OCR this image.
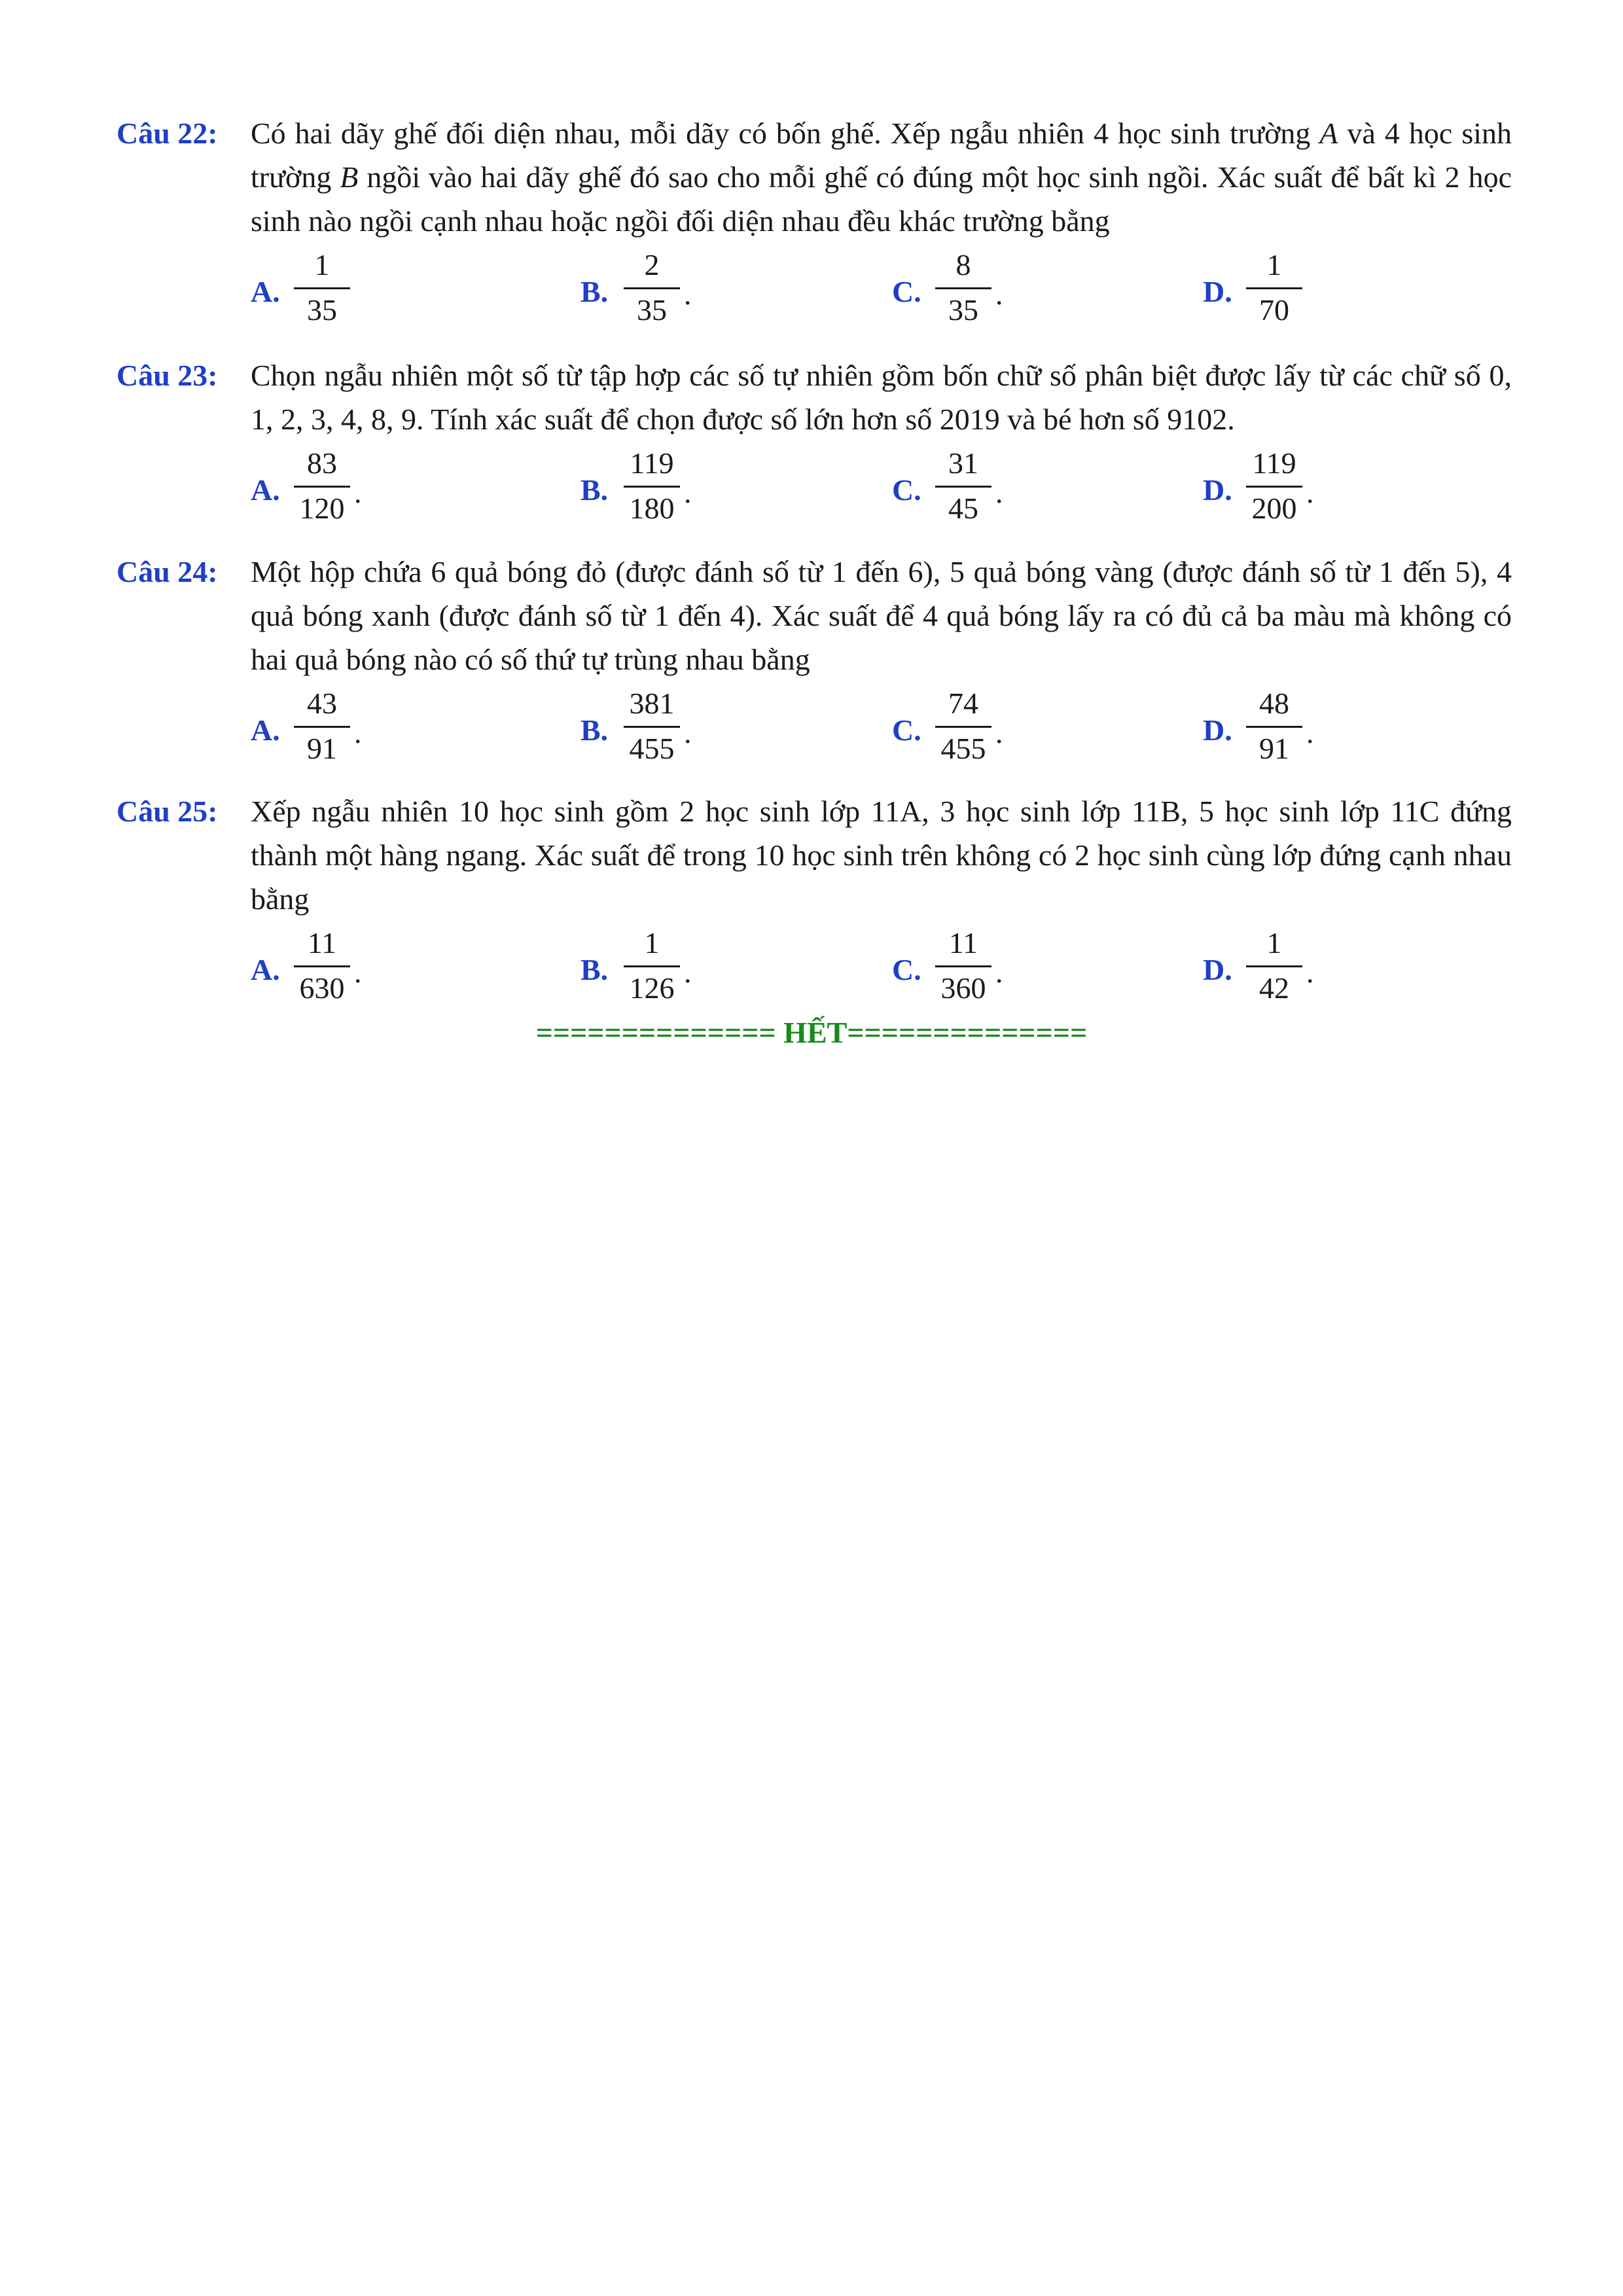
Câu 22: Có hai dãy ghế đối diện nhau, mỗi dãy có bốn ghế. Xếp ngẫu nhiên 4 học sinh trường A và 4 học sinh trường B ngồi vào hai dãy ghế đó sao cho mỗi ghế có đúng một học sinh ngồi. Xác suất để bất kì 2 học sinh nào ngồi cạnh nhau hoặc ngồi đối diện nhau đều khác trường bằng
A.
1
35
B.
2
35 .	C.
8
35 .	D.
1
70
Câu 23: Chọn ngẫu nhiên một số từ tập hợp các số tự nhiên gồm bốn chữ số phân biệt được lấy từ các chữ số 0, 1, 2, 3, 4, 8, 9. Tính xác suất để chọn được số lớn hơn số 2019 và bé hơn số 9102.
A.
83
120 .	B.
119
180 .	C.
31
45 .	D.
119
200 .
Câu 24: Một hộp chứa 6 quả bóng đỏ (được đánh số từ 1 đến 6), 5 quả bóng vàng (được đánh số từ 1 đến 5), 4 quả bóng xanh (được đánh số từ 1 đến 4). Xác suất để 4 quả bóng lấy ra có đủ cả ba màu mà không có hai quả bóng nào có số thứ tự trùng nhau bằng
A.
43
91 .	B.
381
455 .	C.
74
455 .	D.
48
91 .
Câu 25: Xếp ngẫu nhiên 10 học sinh gồm 2 học sinh lớp 11A, 3 học sinh lớp 11B, 5 học sinh lớp 11C đứng thành một hàng ngang. Xác suất để trong 10 học sinh trên không có 2 học sinh cùng lớp đứng cạnh nhau bằng
A.
11
630 .	B.
1
126 .	C.
11
360 .	D.
1
42 .
============== HẾT==============
